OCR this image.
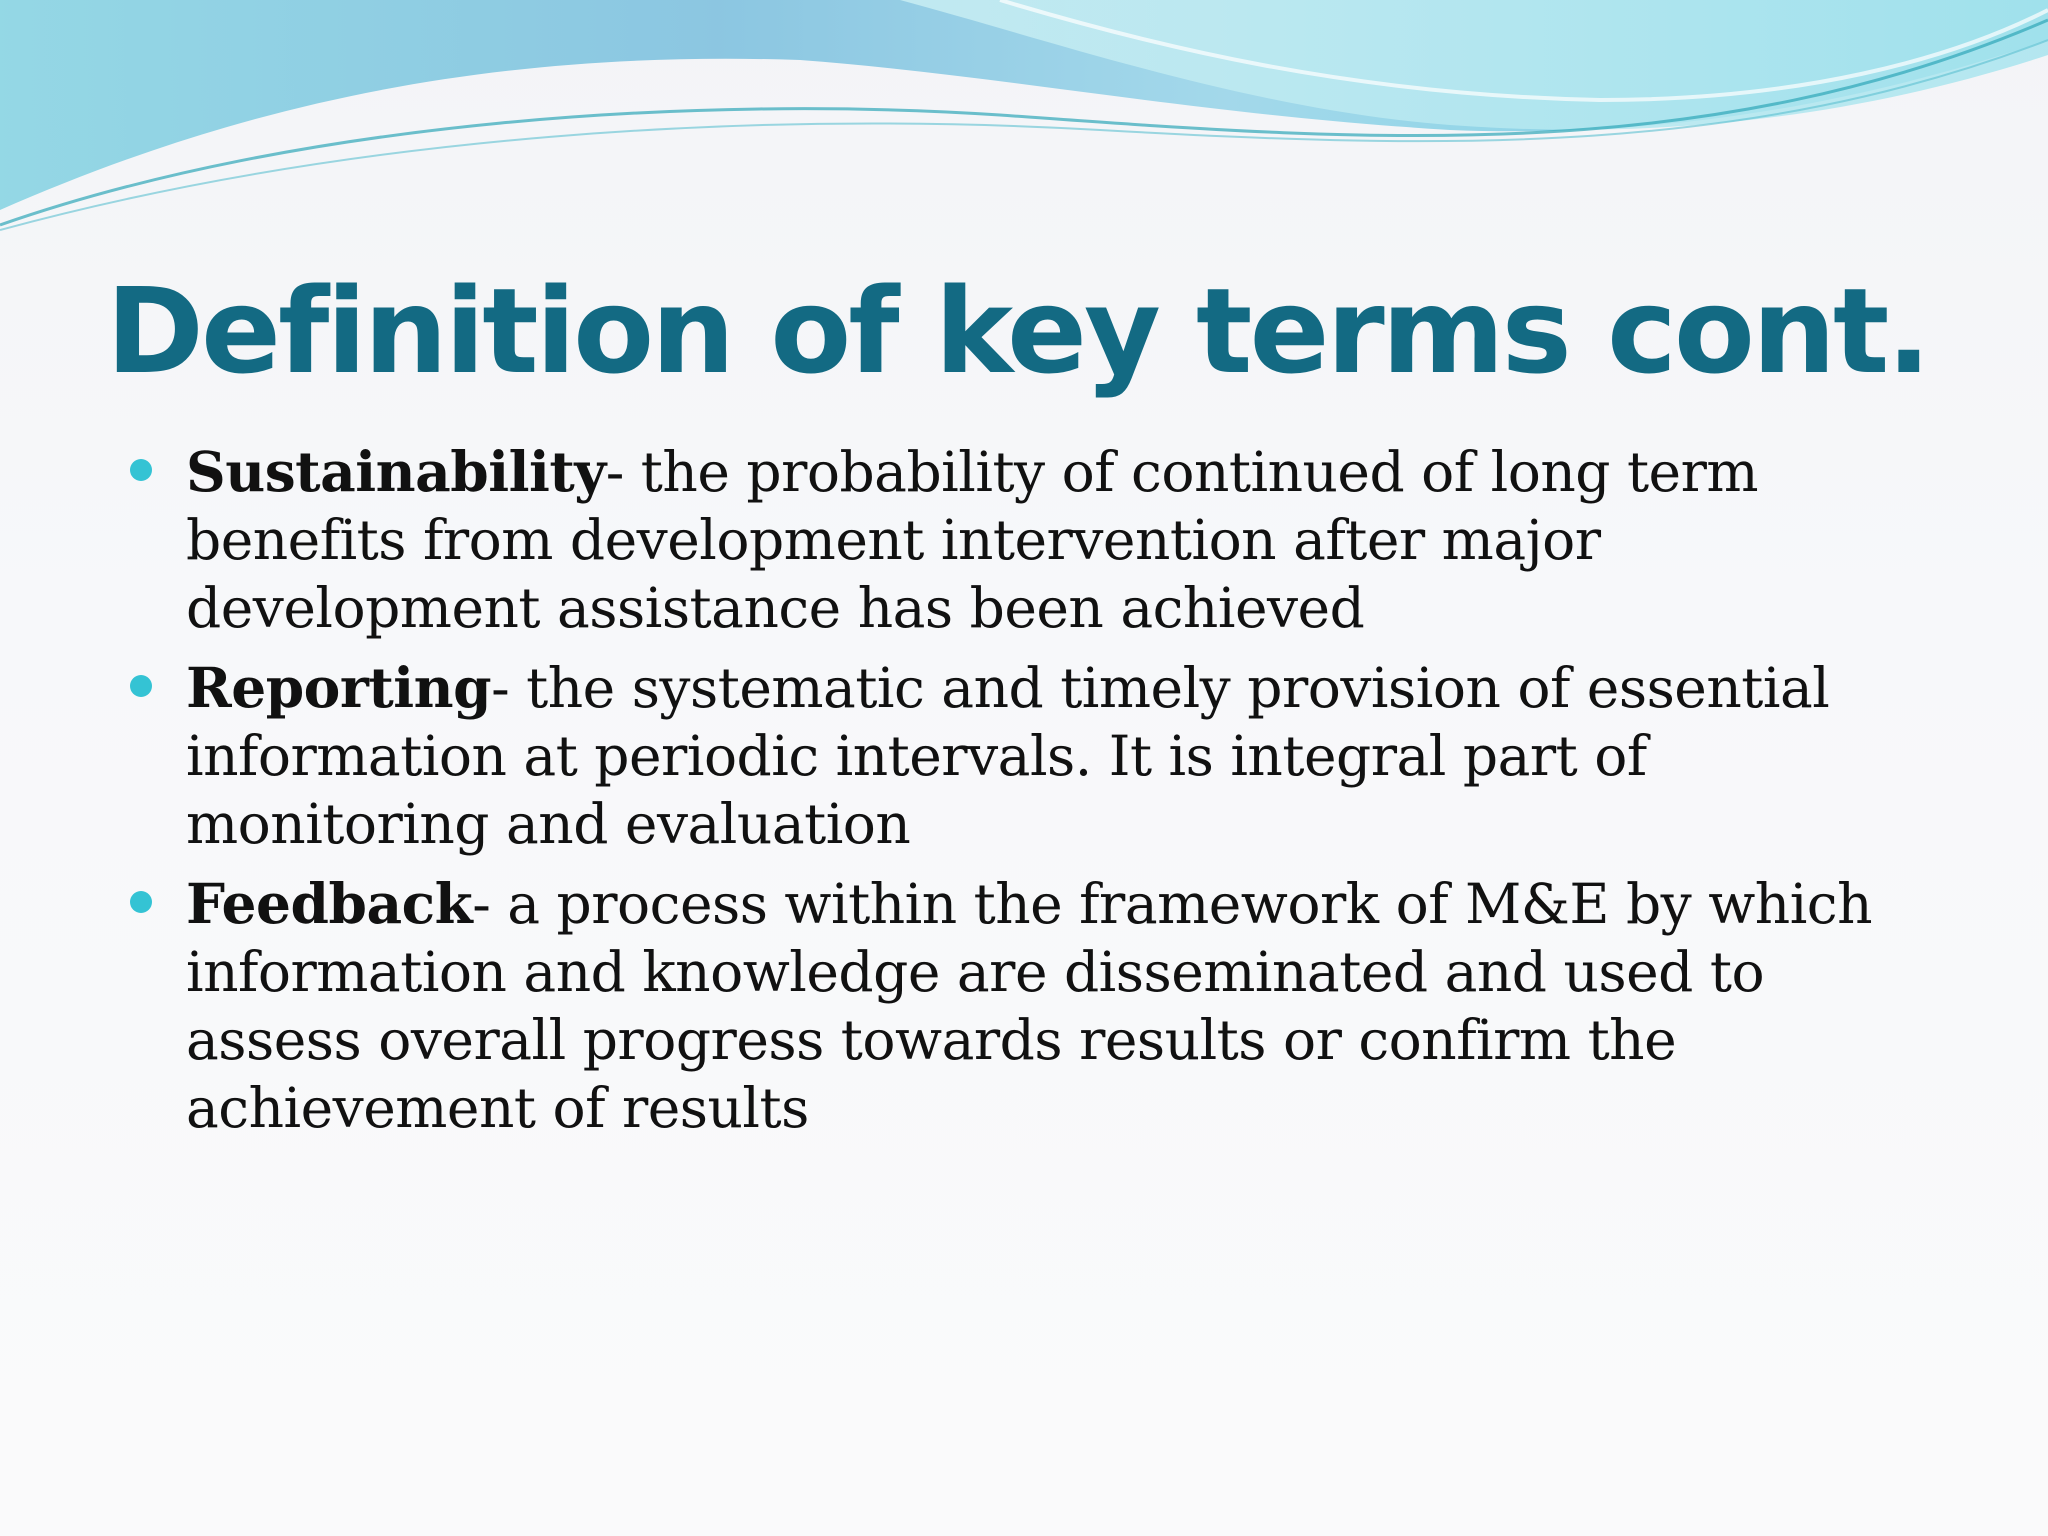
Definition of key terms cont.
Sustainability- the probability of continued of long term benefits from development intervention after major development assistance has been achieved
Reporting- the systematic and timely provision of essential information at periodic intervals. It is integral part of monitoring and evaluation
Feedback- a process within the framework of M&E by which information and knowledge are disseminated and used to assess overall progress towards results or confirm the achievement of results
